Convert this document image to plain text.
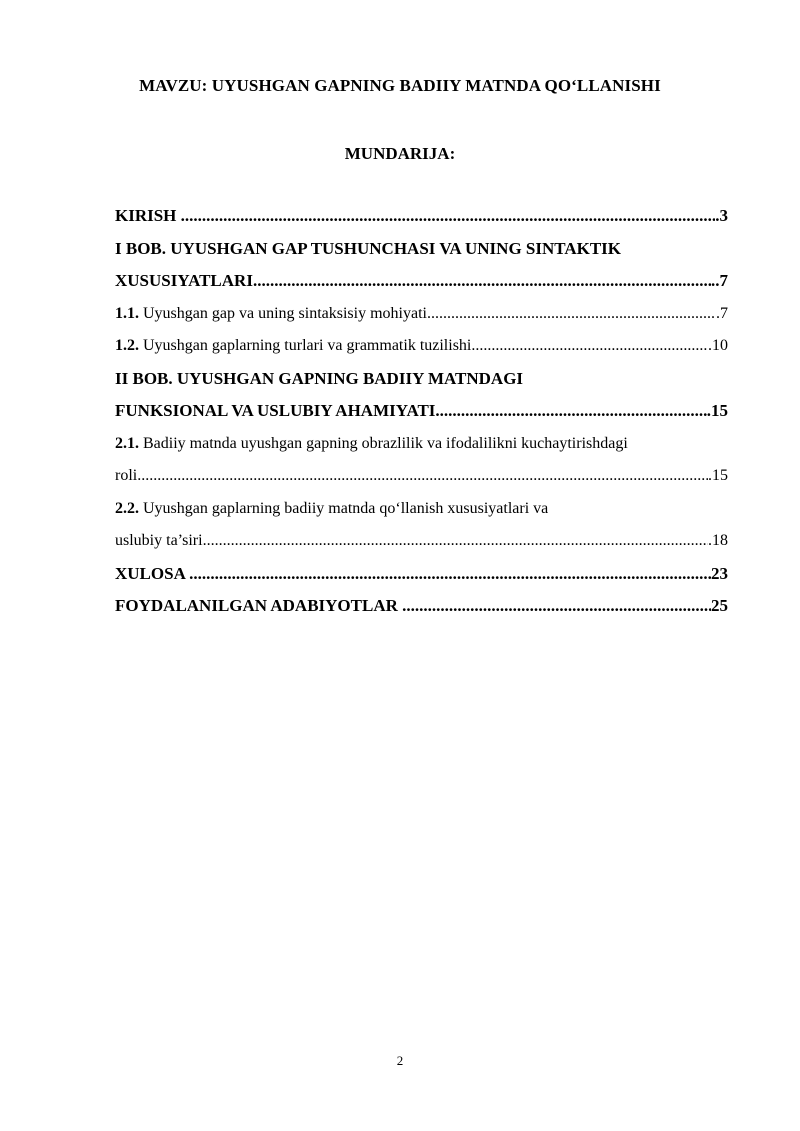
MAVZU: UYUSHGAN GAPNING BADIIY MATNDA QO‘LLANISHI
MUNDARIJA:
KIRISH .....	.3
I BOB. UYUSHGAN GAP TUSHUNCHASI VA UNING SINTAKTIK
XUSUSIYATLARI .....	..7
1.1. Uyushgan gap va uning sintaksisiy mohiyati .....	.7
1.2. Uyushgan gaplarning turlari va grammatik tuzilishi .....	.10
II BOB. UYUSHGAN GAPNING BADIIY MATNDAGI
FUNKSIONAL VA USLUBIY AHAMIYATI .....	.15
2.1. Badiiy matnda uyushgan gapning obrazlilik va ifodalilikni kuchaytirishdagi
roli .....	.15
2.2. Uyushgan gaplarning badiiy matnda qo‘llanish xususiyatlari va
uslubiy ta’siri .....	.18
XULOSA .....	23
FOYDALANILGAN ADABIYOTLAR .....	25
2
